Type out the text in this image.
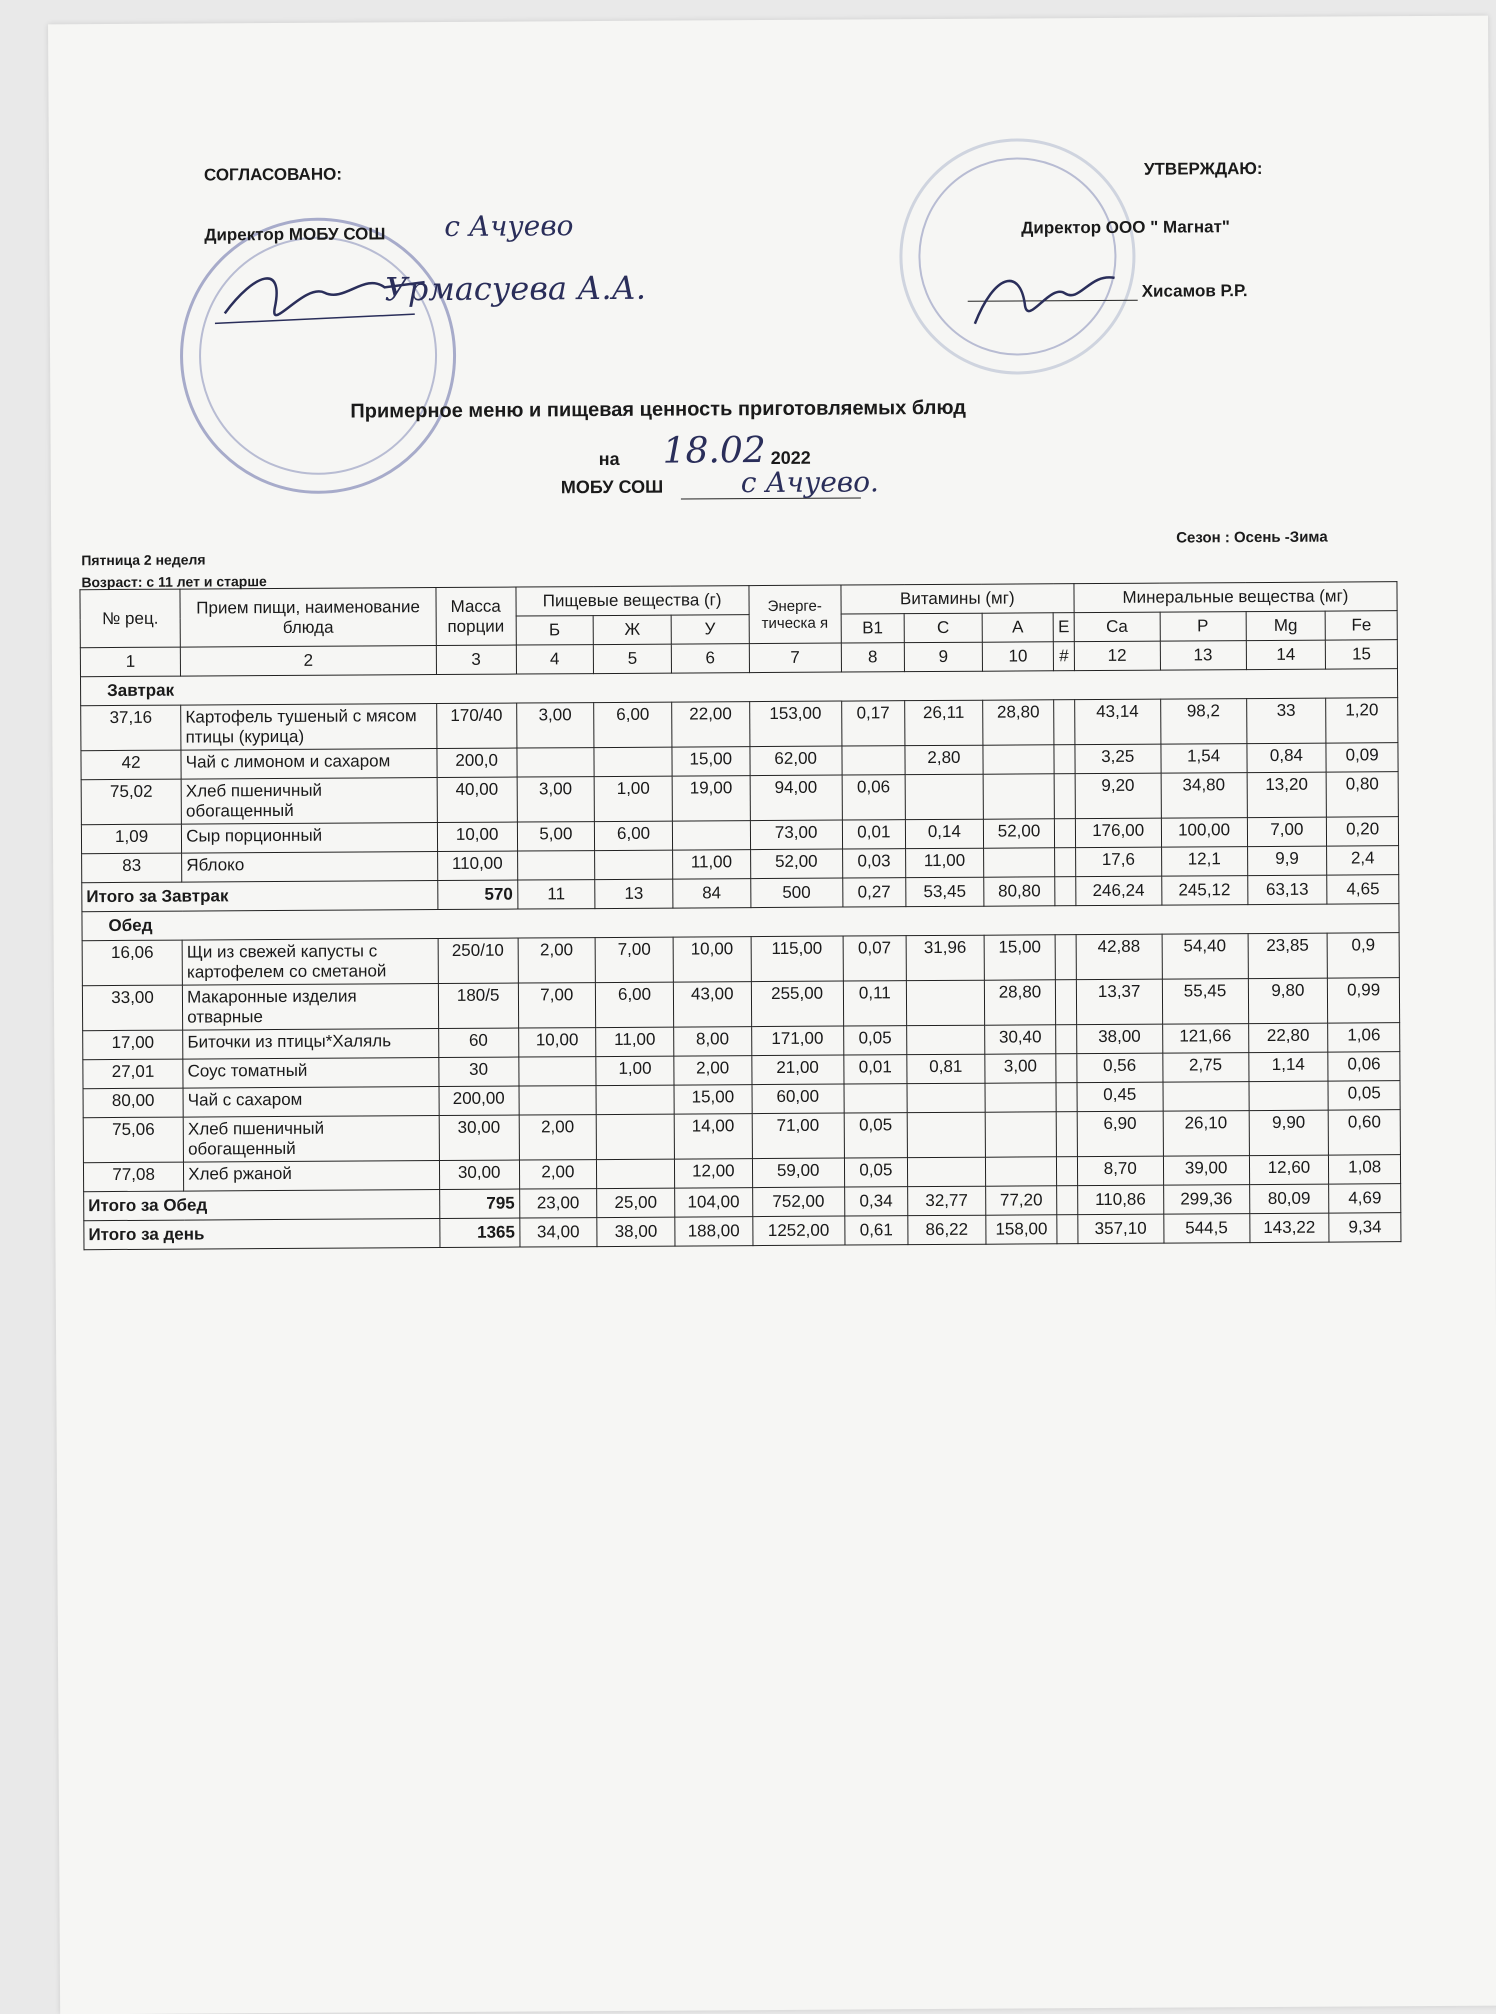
СОГЛАСОВАНО:
Директор МОБУ СОШ с Ачуево
Урмасуева А.А.
УТВЕРЖДАЮ:
Директор ООО " Магнат"
Хисамов Р.Р.
Примерное меню и пищевая ценность приготовляемых блюд
на 18.02 2022
МОБУ СОШ	с Ачуево.
Пятница 2 неделя
Сезон : Осень -Зима
Возраст: с 11 лет и старше
№ рец.	Прием пищи, наименование блюда	Масса порции	Пищевые вещества (г)			Энерге-тическа я	Витамины (мг)				Минеральные вещества (мг)			
			Б	Ж	У		B1	C	A	E	Ca	P	Mg	Fe
1	2	3	4	5	6	7	8	9	10	#	12	13	14	15
Завтрак														
37,16	Картофель тушеный с мясом птицы (курица)	170/40	3,00	6,00	22,00	153,00	0,17	26,11	28,80		43,14	98,2	33	1,20
42	Чай с лимоном и сахаром	200,0			15,00	62,00		2,80			3,25	1,54	0,84	0,09
75,02	Хлеб пшеничный обогащенный	40,00	3,00	1,00	19,00	94,00	0,06				9,20	34,80	13,20	0,80
1,09	Сыр порционный	10,00	5,00	6,00		73,00	0,01	0,14	52,00		176,00	100,00	7,00	0,20
83	Яблоко	110,00			11,00	52,00	0,03	11,00			17,6	12,1	9,9	2,4
Итого за Завтрак		570	11	13	84	500	0,27	53,45	80,80		246,24	245,12	63,13	4,65
Обед														
16,06	Щи из свежей капусты с картофелем со сметаной	250/10	2,00	7,00	10,00	115,00	0,07	31,96	15,00		42,88	54,40	23,85	0,9
33,00	Макаронные изделия отварные	180/5	7,00	6,00	43,00	255,00	0,11		28,80		13,37	55,45	9,80	0,99
17,00	Биточки из птицы*Халяль	60	10,00	11,00	8,00	171,00	0,05		30,40		38,00	121,66	22,80	1,06
27,01	Соус томатный	30		1,00	2,00	21,00	0,01	0,81	3,00		0,56	2,75	1,14	0,06
80,00	Чай с сахаром	200,00			15,00	60,00					0,45			0,05
75,06	Хлеб пшеничный обогащенный	30,00	2,00		14,00	71,00	0,05				6,90	26,10	9,90	0,60
77,08	Хлеб ржаной	30,00	2,00		12,00	59,00	0,05				8,70	39,00	12,60	1,08
Итого за Обед		795	23,00	25,00	104,00	752,00	0,34	32,77	77,20		110,86	299,36	80,09	4,69
Итого за день		1365	34,00	38,00	188,00	1252,00	0,61	86,22	158,00		357,10	544,5	143,22	9,34
